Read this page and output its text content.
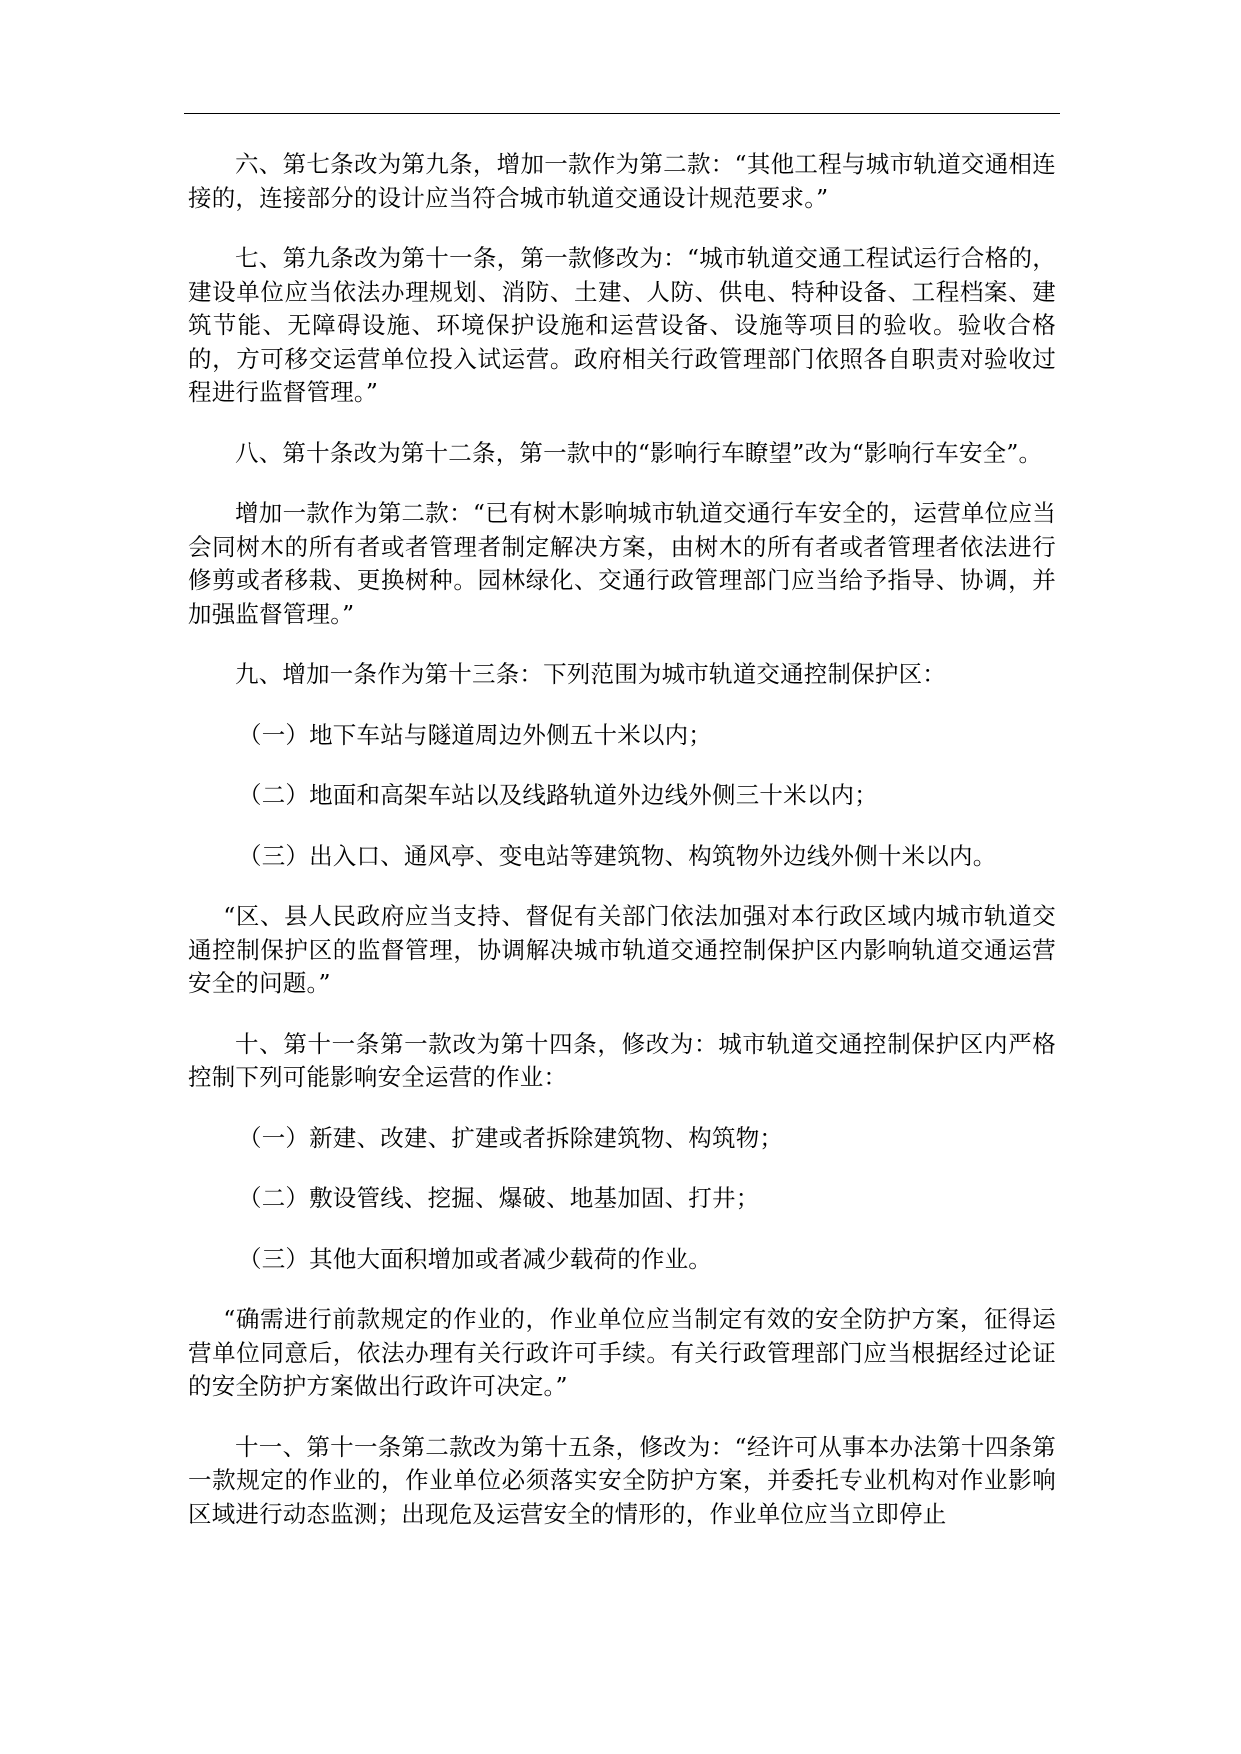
六、第七条改为第九条，增加一款作为第二款：“其他工程与城市轨道交通相连接的，连接部分的设计应当符合城市轨道交通设计规范要求。”

七、第九条改为第十一条，第一款修改为：“城市轨道交通工程试运行合格的，建设单位应当依法办理规划、消防、土建、人防、供电、特种设备、工程档案、建筑节能、无障碍设施、环境保护设施和运营设备、设施等项目的验收。验收合格的，方可移交运营单位投入试运营。政府相关行政管理部门依照各自职责对验收过程进行监督管理。”

八、第十条改为第十二条，第一款中的“影响行车瞭望”改为“影响行车安全”。

增加一款作为第二款：“已有树木影响城市轨道交通行车安全的，运营单位应当会同树木的所有者或者管理者制定解决方案，由树木的所有者或者管理者依法进行修剪或者移栽、更换树种。园林绿化、交通行政管理部门应当给予指导、协调，并加强监督管理。”

九、增加一条作为第十三条：下列范围为城市轨道交通控制保护区：

（一）地下车站与隧道周边外侧五十米以内；

（二）地面和高架车站以及线路轨道外边线外侧三十米以内；

（三）出入口、通风亭、变电站等建筑物、构筑物外边线外侧十米以内。

“区、县人民政府应当支持、督促有关部门依法加强对本行政区域内城市轨道交通控制保护区的监督管理，协调解决城市轨道交通控制保护区内影响轨道交通运营安全的问题。”

十、第十一条第一款改为第十四条，修改为：城市轨道交通控制保护区内严格控制下列可能影响安全运营的作业：

（一）新建、改建、扩建或者拆除建筑物、构筑物；

（二）敷设管线、挖掘、爆破、地基加固、打井；

（三）其他大面积增加或者减少载荷的作业。

“确需进行前款规定的作业的，作业单位应当制定有效的安全防护方案，征得运营单位同意后，依法办理有关行政许可手续。有关行政管理部门应当根据经过论证的安全防护方案做出行政许可决定。”

十一、第十一条第二款改为第十五条，修改为：“经许可从事本办法第十四条第一款规定的作业的，作业单位必须落实安全防护方案，并委托专业机构对作业影响区域进行动态监测；出现危及运营安全的情形的，作业单位应当立即停止
